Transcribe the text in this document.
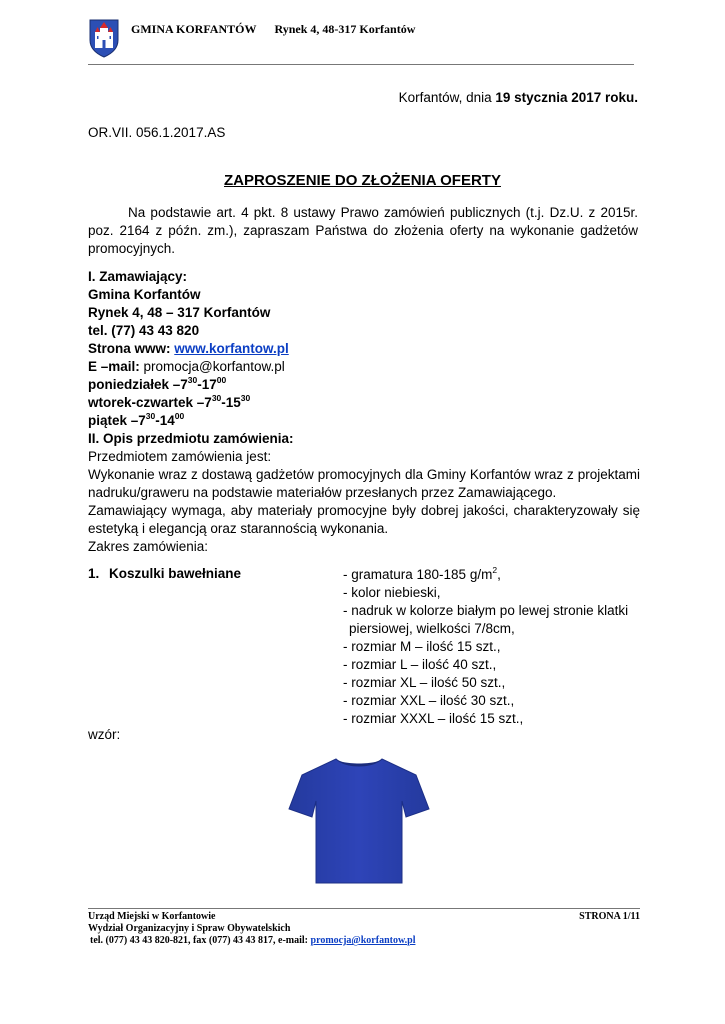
GMINA KORFANTÓW Rynek 4, 48-317 Korfantów
Korfantów, dnia 19 stycznia 2017 roku.
OR.VII. 056.1.2017.AS
ZAPROSZENIE DO ZŁOŻENIA OFERTY

Na podstawie art. 4 pkt. 8 ustawy Prawo zamówień publicznych (t.j. Dz.U. z 2015r. poz. 2164 z późn. zm.), zapraszam Państwa do złożenia oferty na wykonanie gadżetów promocyjnych.

I. Zamawiający:
Gmina Korfantów
Rynek 4, 48 – 317 Korfantów
tel. (77) 43 43 820
Strona www: www.korfantow.pl
E –mail: promocja@korfantow.pl
poniedziałek $-7^{30}-17^{00}$
wtorek-czwartek $-7^{30}-15^{30}$
piątek $-7^{30}-14^{00}$
II. Opis przedmiotu zamówienia:
Przedmiotem zamówienia jest:
Wykonanie wraz z dostawą gadżetów promocyjnych dla Gminy Korfantów wraz z projektami nadruku/graweru na podstawie materiałów przesłanych przez Zamawiającego.
Zamawiający wymaga, aby materiały promocyjne były dobrej jakości, charakteryzowały się estetyką i elegancją oraz starannością wykonania.
Zakres zamówienia:
1. Koszulki bawełniane	- gramatura 180-185 $g/m^2$,
- kolor niebieski,
- nadruk w kolorze białym po lewej stronie klatki
piersiowej, wielkości 7/8cm,
- rozmiar M – ilość 15 szt.,
- rozmiar L – ilość 40 szt.,
- rozmiar XL – ilość 50 szt.,
- rozmiar XXL – ilość 30 szt.,
- rozmiar XXXL – ilość 15 szt.,
wzór:
Urząd Miejski w Korfantowie	STRONA 1/11
Wydział Organizacyjny i Spraw Obywatelskich
tel. (077) 43 43 820-821, fax (077) 43 43 817, e-mail: promocja@korfantow.pl
